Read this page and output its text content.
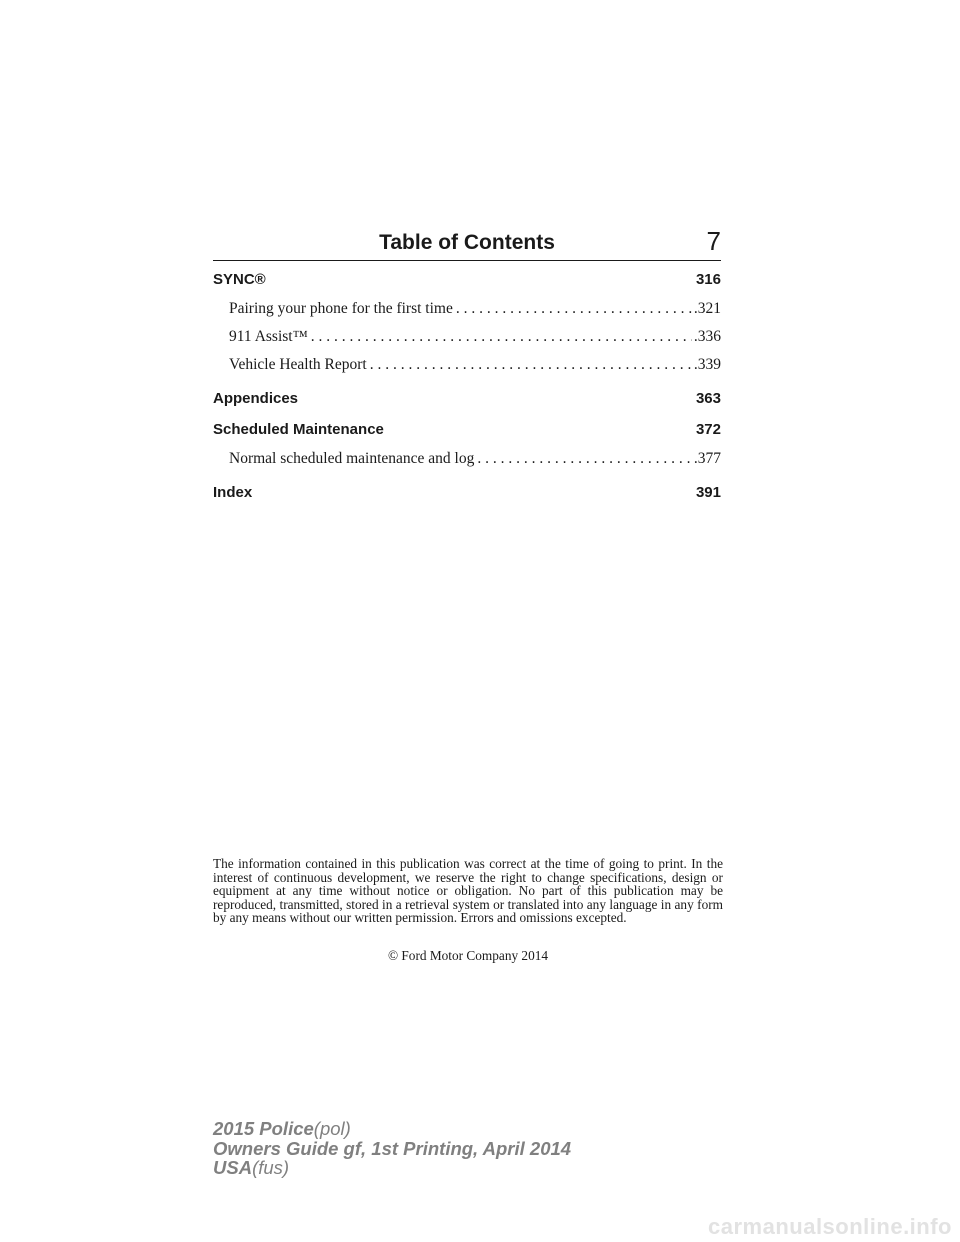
Table of Contents	7
SYNC®	316
Pairing your phone for the first time . . .	.321
911 Assist™ . . .	.336
Vehicle Health Report . . .	.339
Appendices	363
Scheduled Maintenance	372
Normal scheduled maintenance and log . . .	.377
Index	391
The information contained in this publication was correct at the time of going to print. In the interest of continuous development, we reserve the right to change specifications, design or equipment at any time without notice or obligation. No part of this publication may be reproduced, transmitted, stored in a retrieval system or translated into any language in any form by any means without our written permission. Errors and omissions excepted.
© Ford Motor Company 2014
2015 Police(pol)
Owners Guide gf, 1st Printing, April 2014
USA(fus)
carmanualsonline.info
